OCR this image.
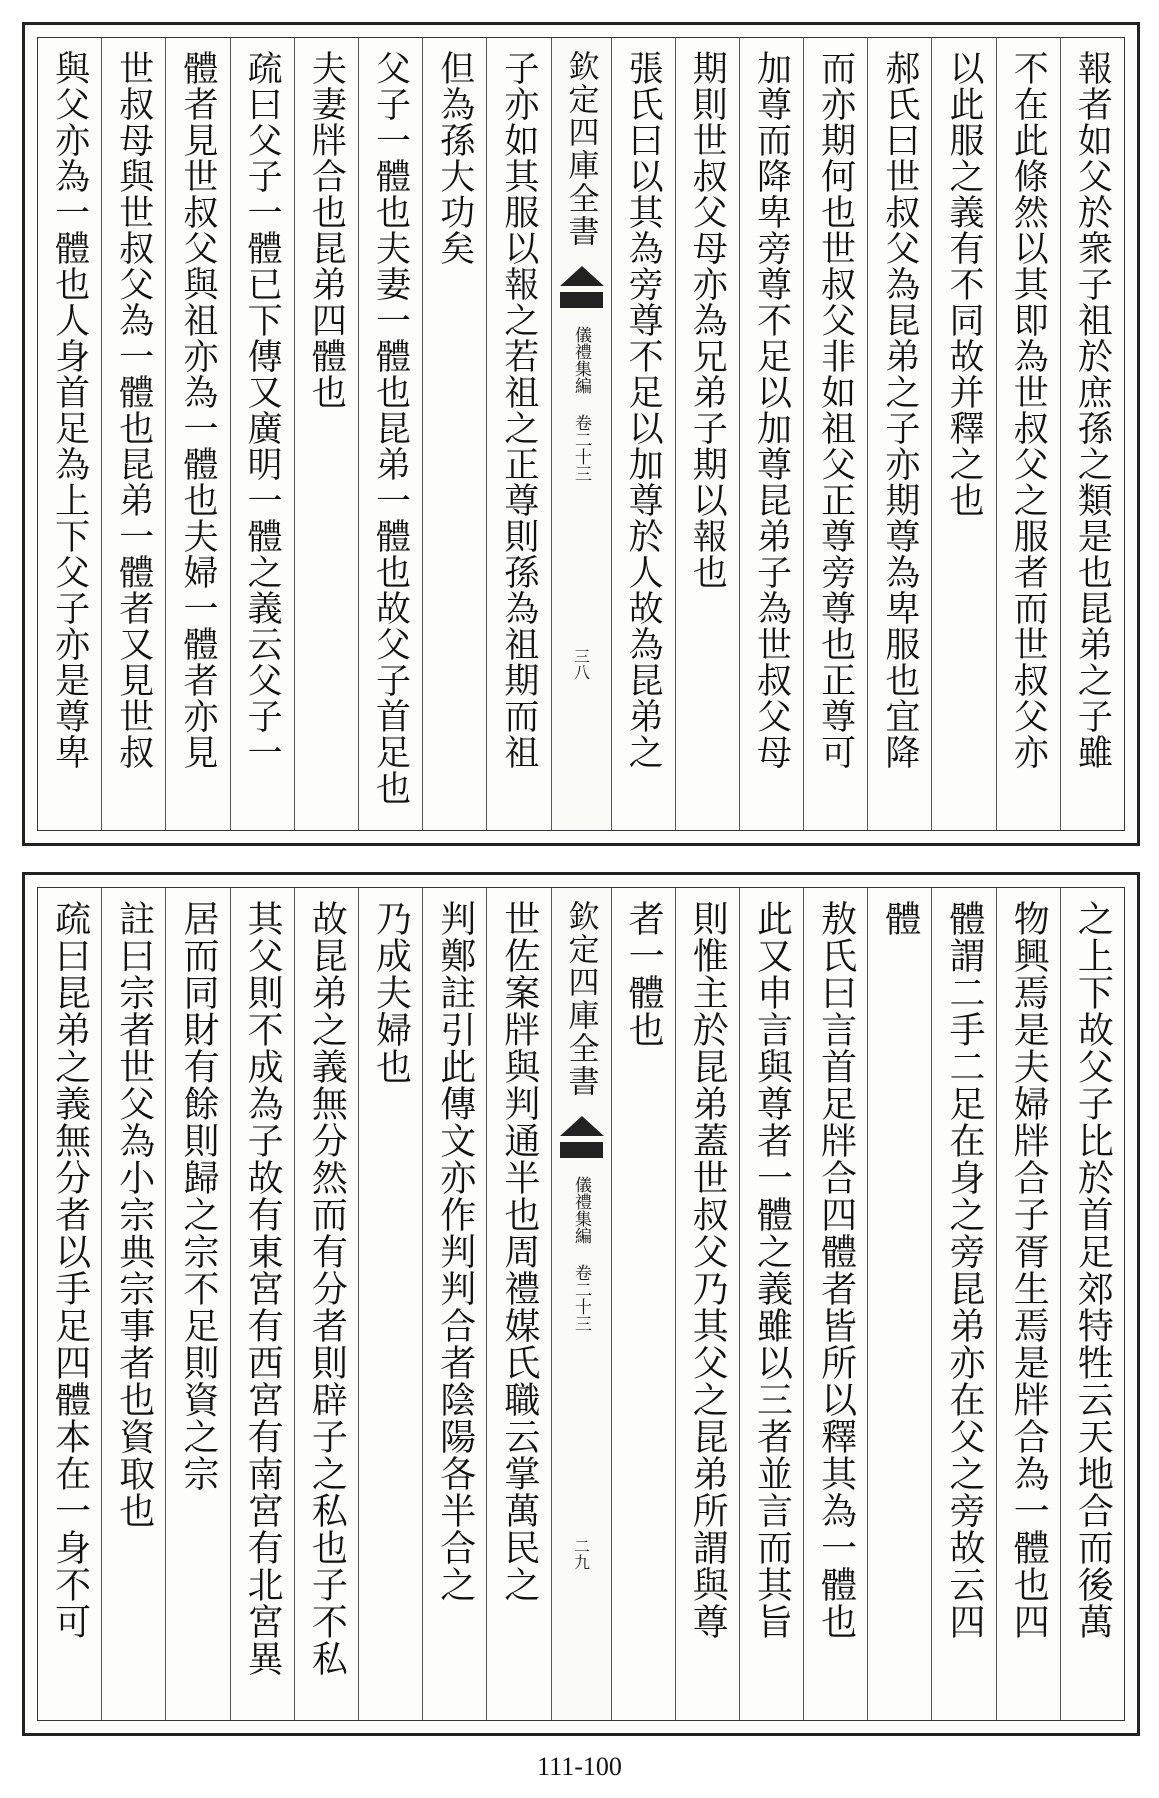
報者如父於衆子祖於庶孫之類是也昆弟之子雖
不在此條然以其即為世叔父之服者而世叔父亦
以此服之義有不同故并釋之也
郝氏曰世叔父為昆弟之子亦期尊為卑服也宜降
而亦期何也世叔父非如祖父正尊旁尊也正尊可
加尊而降卑旁尊不足以加尊昆弟子為世叔父母
期則世叔父母亦為兄弟子期以報也
張氏曰以其為旁尊不足以加尊於人故為昆弟之
欽定四庫全書
儀禮集編 卷二十三
三八
子亦如其服以報之若祖之正尊則孫為祖期而祖
但為孫大功矣
父子一體也夫妻一體也昆弟一體也故父子首足也
夫妻牉合也昆弟四體也
疏曰父子一體已下傳又廣明一體之義云父子一
體者見世叔父與祖亦為一體也夫婦一體者亦見
世叔母與世叔父為一體也昆弟一體者又見世叔
與父亦為一體也人身首足為上下父子亦是尊卑
之上下故父子比於首足郊特牲云天地合而後萬
物興焉是夫婦牉合子胥生焉是牉合為一體也四
體謂二手二足在身之旁昆弟亦在父之旁故云四
體
敖氏曰言首足牉合四體者皆所以釋其為一體也
此又申言與尊者一體之義雖以三者並言而其旨
則惟主於昆弟蓋世叔父乃其父之昆弟所謂與尊
者一體也
欽定四庫全書
儀禮集編 卷二十三
二九
世佐案牉與判通半也周禮媒氏職云掌萬民之
判鄭註引此傳文亦作判判合者陰陽各半合之
乃成夫婦也
故昆弟之義無分然而有分者則辟子之私也子不私
其父則不成為子故有東宮有西宮有南宮有北宮異
居而同財有餘則歸之宗不足則資之宗
註曰宗者世父為小宗典宗事者也資取也
疏曰昆弟之義無分者以手足四體本在一身不可
111-100
